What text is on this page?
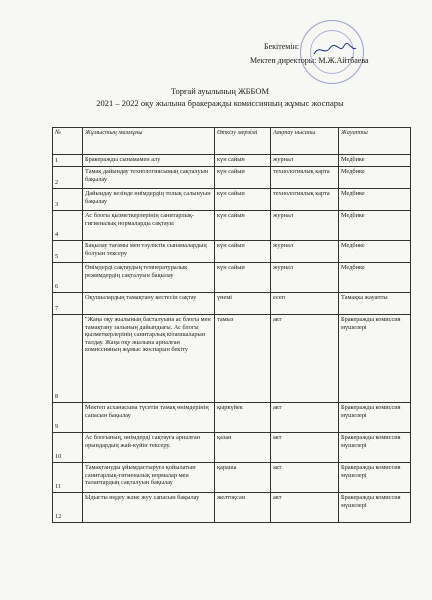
Бекітемін:
Мектеп директоры: М.Ж.Айтбаева
Торғай ауылының ЖББОМ
2021 – 2022 оқу жылына бракеражды комиссияның жұмыс жоспары
№	Жұмыстың мазмұны	Өткізу мерзімі	Аяқтау нысаны	Жауапты
1	Бракеражды сынамамен алу	күн сайын	журнал	Медбике
2	Тамақ дайындау технологиясының сақталуын бақылау	күн сайын	технологиялық карта	Медбике
3	Дайындау кезінде өнімдердің толық салынуын бақылау	күн сайын	технологиялық карта	Медбике
4	Ас блогы қызметкерлерінің санитарлық-гигиеналық нормаларды сақтауы	күн сайын	журнал	Медбике
5	Бақылау тағамы мен тәуліктік сынамалардың болуын тексеру	күн сайын	журнал	Медбике
6	Өнімдерді сақтаудың температуралық режимдердің сақталуын бақылау	күн сайын	журнал	Медбике
7	Оқушылардың тамақтану кестесін сақтау	үнемі	есеп	Тамақка жауапты
8	"Жаңа оқу жылының басталуына ас блогы мен тамақтану залының дайындығы. Ас блогы қызметкерлерінің санитарлық кітапшаларын талдау. Жаңа оқу жылына арналған комиссияның жұмыс жоспарын бекіту	тамыз	акт	Бракеражды комиссия мүшелері
9	Мектеп асханасына түсетін тамақ өнімдерінің сапасын бақылау	қыркүйек	акт	Бракеражды комиссия мүшелері
10	Ас блогының, өнімдерді сақтауға арналған орындардың жай-күйін тексеру.	қазан	акт	Бракеражды комиссия мүшелері
11	Тамақтануды ұйымдастыруға қойылатын санитарлық-гигиеналық нормалар мен талаптардың сақталуын бақылау	қараша	акт	Бракеражды комиссия мүшелері
12	Ыдысты өңдеу және жуу сапасын бақылау	желтоқсан	акт	Бракеражды комиссия мүшелері
